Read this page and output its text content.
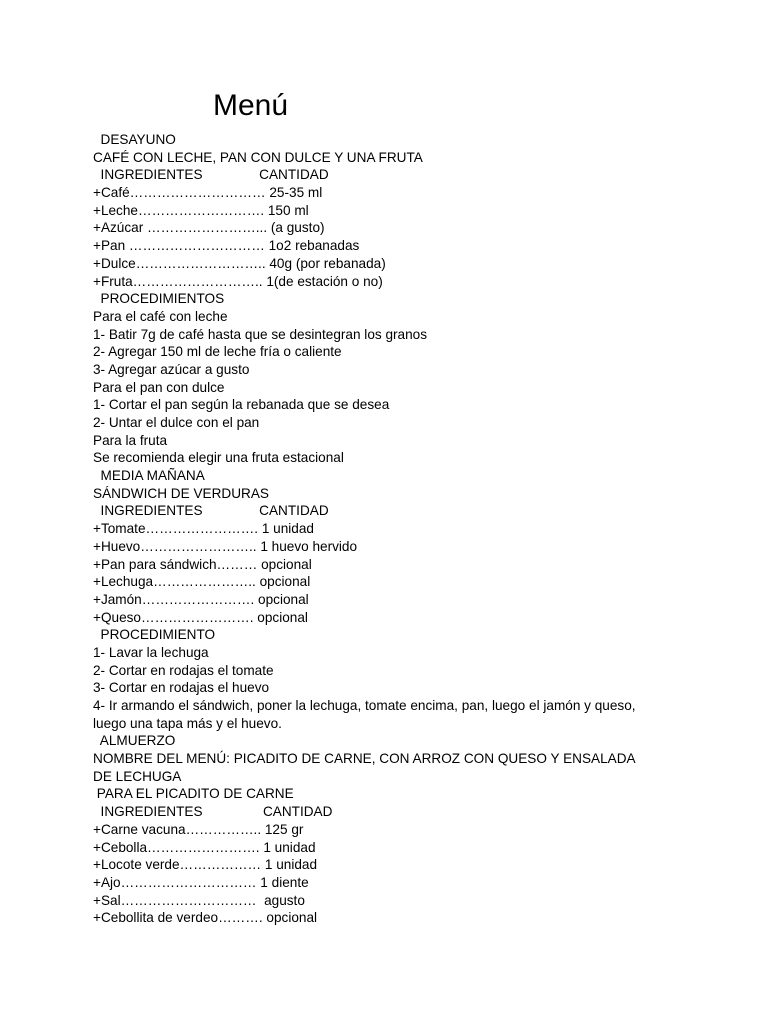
Menú
DESAYUNO
CAFÉ CON LECHE, PAN CON DULCE Y UNA FRUTA
INGREDIENTES               CANTIDAD
+Café………………………… 25-35 ml
+Leche………………………. 150 ml
+Azúcar ……………………... (a gusto)
+Pan ………………………… 1o2 rebanadas
+Dulce……………………….. 40g (por rebanada)
+Fruta……………………….. 1(de estación o no)
PROCEDIMIENTOS
Para el café con leche
1- Batir 7g de café hasta que se desintegran los granos
2- Agregar 150 ml de leche fría o caliente
3- Agregar azúcar a gusto
Para el pan con dulce
1- Cortar el pan según la rebanada que se desea
2- Untar el dulce con el pan
Para la fruta
Se recomienda elegir una fruta estacional
MEDIA MAÑANA
SÁNDWICH DE VERDURAS
INGREDIENTES               CANTIDAD
+Tomate……………………. 1 unidad
+Huevo…………………….. 1 huevo hervido
+Pan para sándwich……… opcional
+Lechuga………………….. opcional
+Jamón……………………. opcional
+Queso……………………. opcional
PROCEDIMIENTO
1- Lavar la lechuga
2- Cortar en rodajas el tomate
3- Cortar en rodajas el huevo
4- Ir armando el sándwich, poner la lechuga, tomate encima, pan, luego el jamón y queso,
luego una tapa más y el huevo.
ALMUERZO
NOMBRE DEL MENÚ: PICADITO DE CARNE, CON ARROZ CON QUESO Y ENSALADA
DE LECHUGA
PARA EL PICADITO DE CARNE
INGREDIENTES                CANTIDAD
+Carne vacuna…………….. 125 gr
+Cebolla……………………. 1 unidad
+Locote verde……………… 1 unidad
+Ajo………………………… 1 diente
+Sal…………………………  agusto
+Cebollita de verdeo………. opcional
